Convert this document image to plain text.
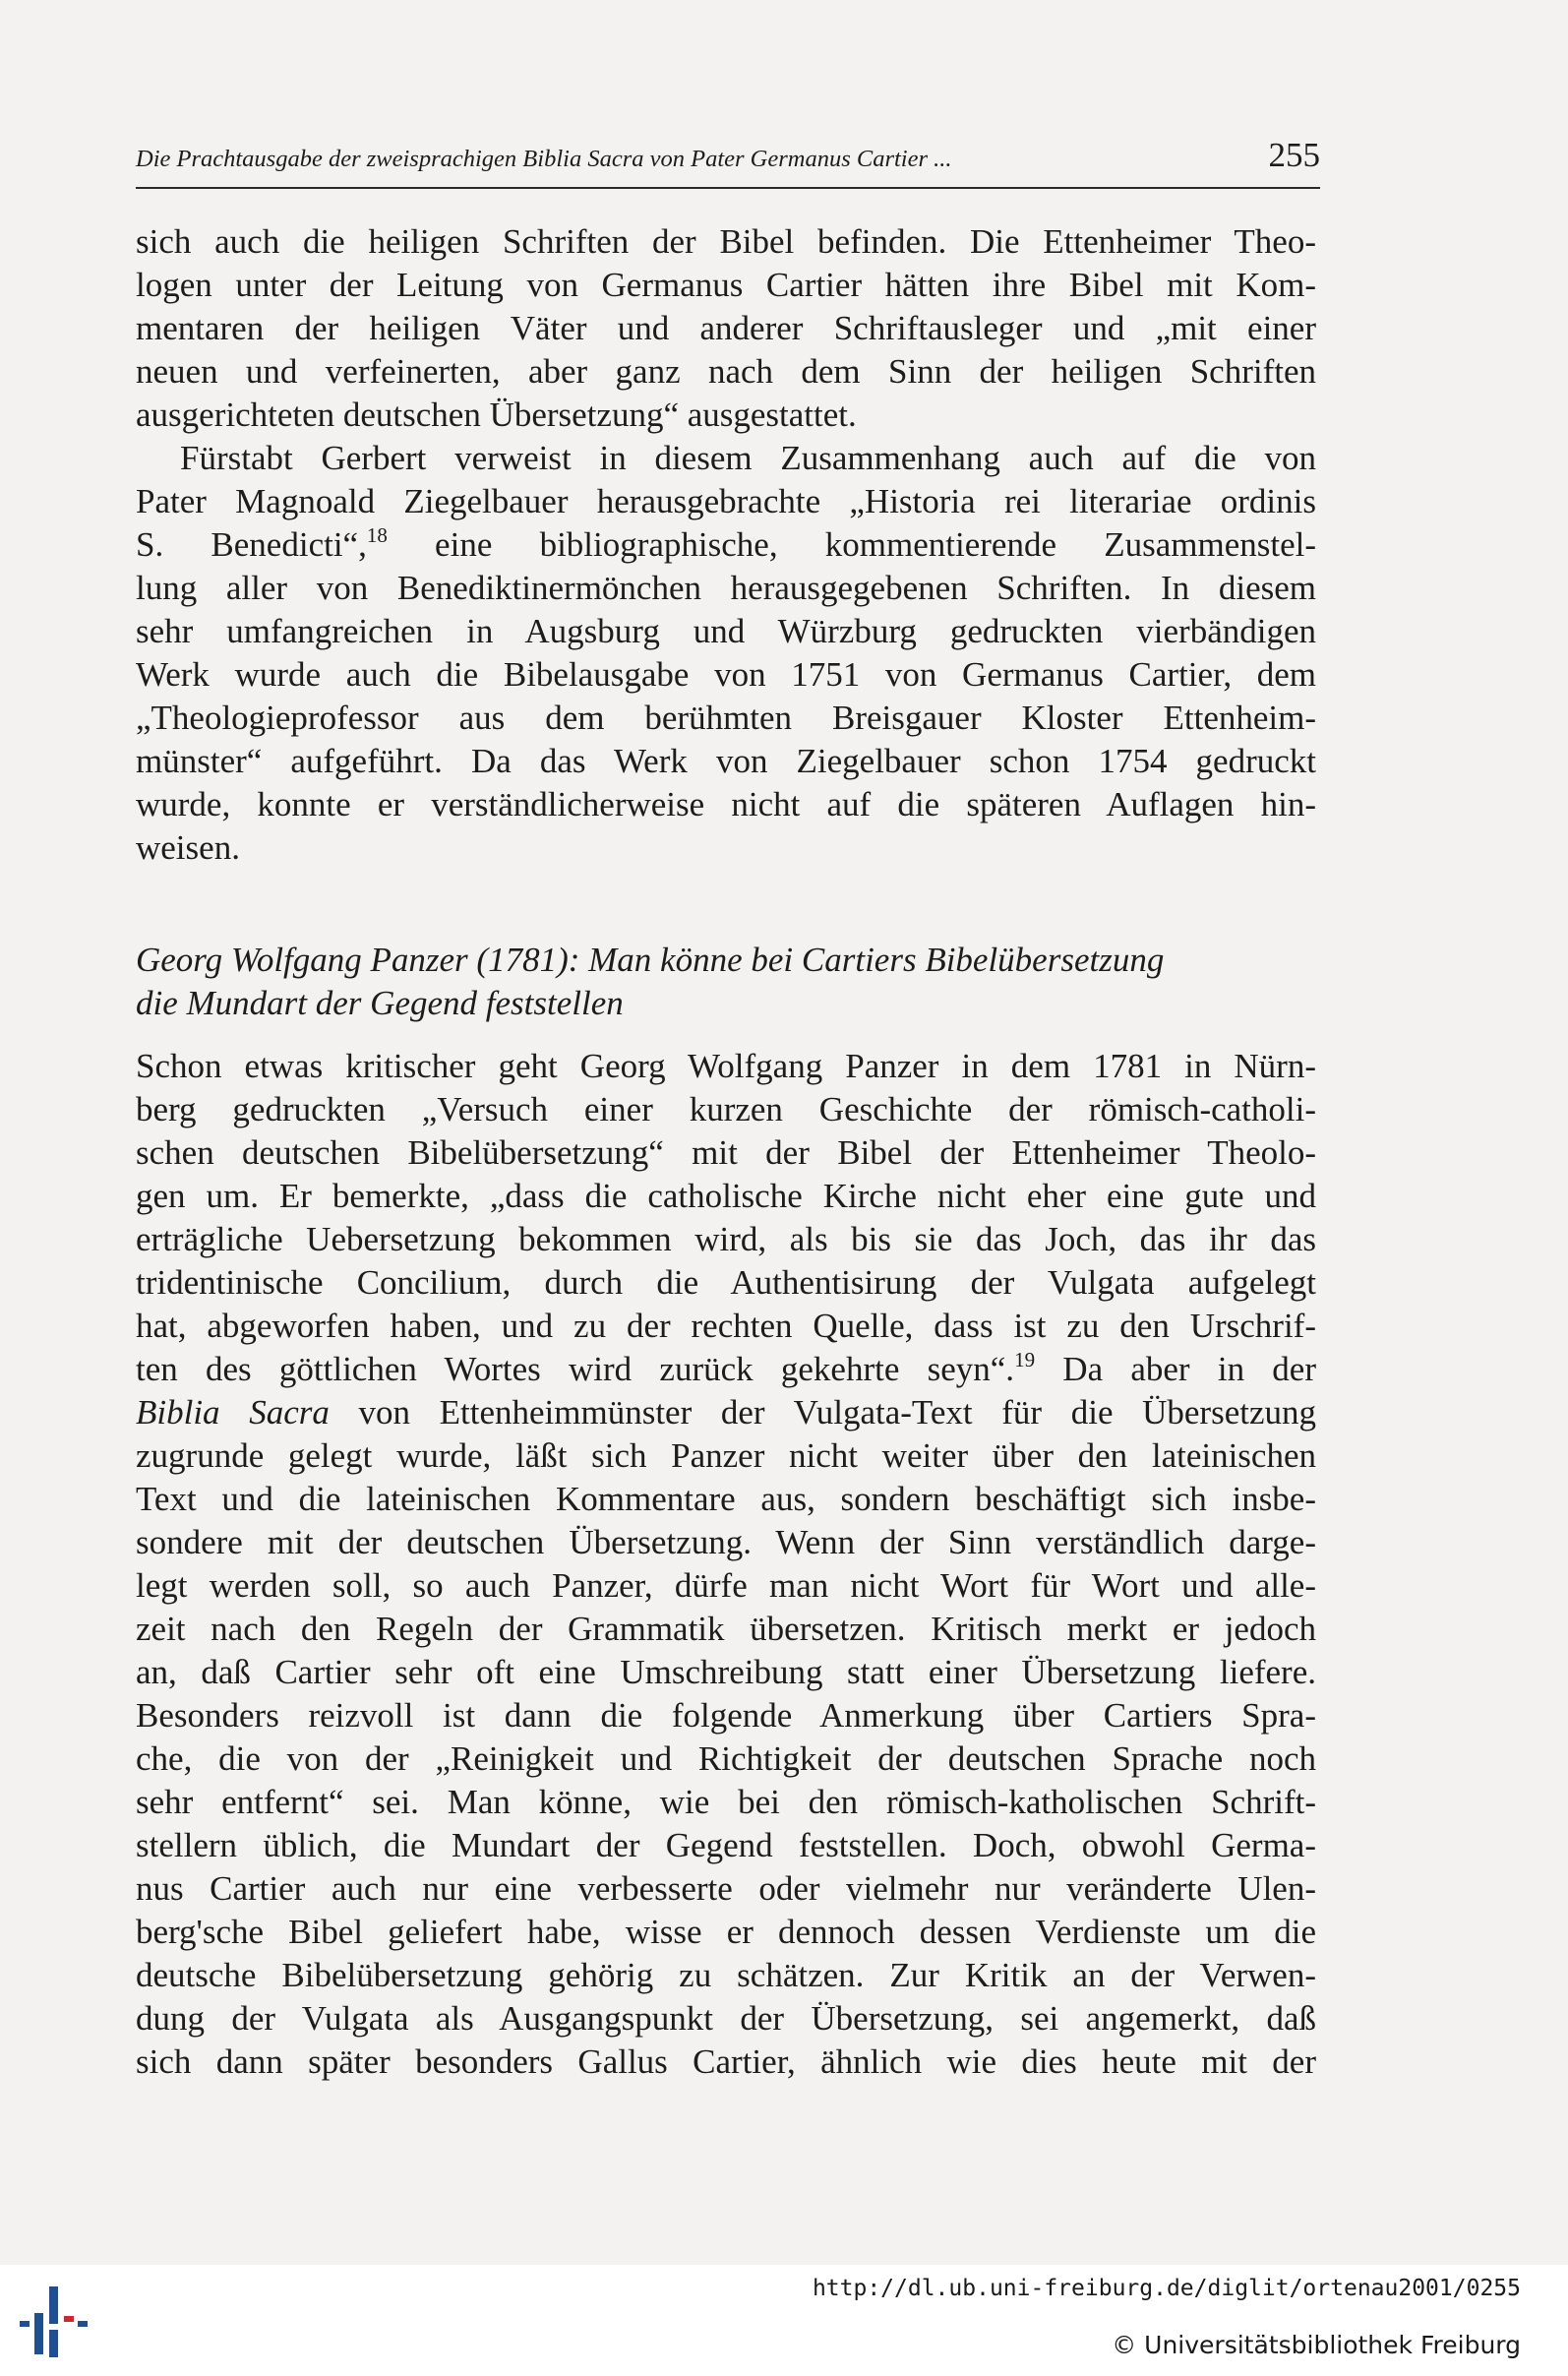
Die Prachtausgabe der zweisprachigen Biblia Sacra von Pater Germanus Cartier ...	255
sich auch die heiligen Schriften der Bibel befinden. Die Ettenheimer Theo-
logen unter der Leitung von Germanus Cartier hätten ihre Bibel mit Kom-
mentaren der heiligen Väter und anderer Schriftausleger und „mit einer
neuen und verfeinerten, aber ganz nach dem Sinn der heiligen Schriften
ausgerichteten deutschen Übersetzung“ ausgestattet.
Fürstabt Gerbert verweist in diesem Zusammenhang auch auf die von
Pater Magnoald Ziegelbauer herausgebrachte „Historia rei literariae ordinis
S. Benedicti“,$^{18}$ eine bibliographische, kommentierende Zusammenstel-
lung aller von Benediktinermönchen herausgegebenen Schriften. In diesem
sehr umfangreichen in Augsburg und Würzburg gedruckten vierbändigen
Werk wurde auch die Bibelausgabe von 1751 von Germanus Cartier, dem
„Theologieprofessor aus dem berühmten Breisgauer Kloster Ettenheim-
münster“ aufgeführt. Da das Werk von Ziegelbauer schon 1754 gedruckt
wurde, konnte er verständlicherweise nicht auf die späteren Auflagen hin-
weisen.
Georg Wolfgang Panzer (1781): Man könne bei Cartiers Bibelübersetzung
die Mundart der Gegend feststellen
Schon etwas kritischer geht Georg Wolfgang Panzer in dem 1781 in Nürn-
berg gedruckten „Versuch einer kurzen Geschichte der römisch-catholi-
schen deutschen Bibelübersetzung“ mit der Bibel der Ettenheimer Theolo-
gen um. Er bemerkte, „dass die catholische Kirche nicht eher eine gute und
erträgliche Uebersetzung bekommen wird, als bis sie das Joch, das ihr das
tridentinische Concilium, durch die Authentisirung der Vulgata aufgelegt
hat, abgeworfen haben, und zu der rechten Quelle, dass ist zu den Urschrif-
ten des göttlichen Wortes wird zurück gekehrte seyn“.$^{19}$ Da aber in der
Biblia Sacra von Ettenheimmünster der Vulgata-Text für die Übersetzung
zugrunde gelegt wurde, läßt sich Panzer nicht weiter über den lateinischen
Text und die lateinischen Kommentare aus, sondern beschäftigt sich insbe-
sondere mit der deutschen Übersetzung. Wenn der Sinn verständlich darge-
legt werden soll, so auch Panzer, dürfe man nicht Wort für Wort und alle-
zeit nach den Regeln der Grammatik übersetzen. Kritisch merkt er jedoch
an, daß Cartier sehr oft eine Umschreibung statt einer Übersetzung liefere.
Besonders reizvoll ist dann die folgende Anmerkung über Cartiers Spra-
che, die von der „Reinigkeit und Richtigkeit der deutschen Sprache noch
sehr entfernt“ sei. Man könne, wie bei den römisch-katholischen Schrift-
stellern üblich, die Mundart der Gegend feststellen. Doch, obwohl Germa-
nus Cartier auch nur eine verbesserte oder vielmehr nur veränderte Ulen-
berg'sche Bibel geliefert habe, wisse er dennoch dessen Verdienste um die
deutsche Bibelübersetzung gehörig zu schätzen. Zur Kritik an der Verwen-
dung der Vulgata als Ausgangspunkt der Übersetzung, sei angemerkt, daß
sich dann später besonders Gallus Cartier, ähnlich wie dies heute mit der
http://dl.ub.uni-freiburg.de/diglit/ortenau2001/0255
© Universitätsbibliothek Freiburg
